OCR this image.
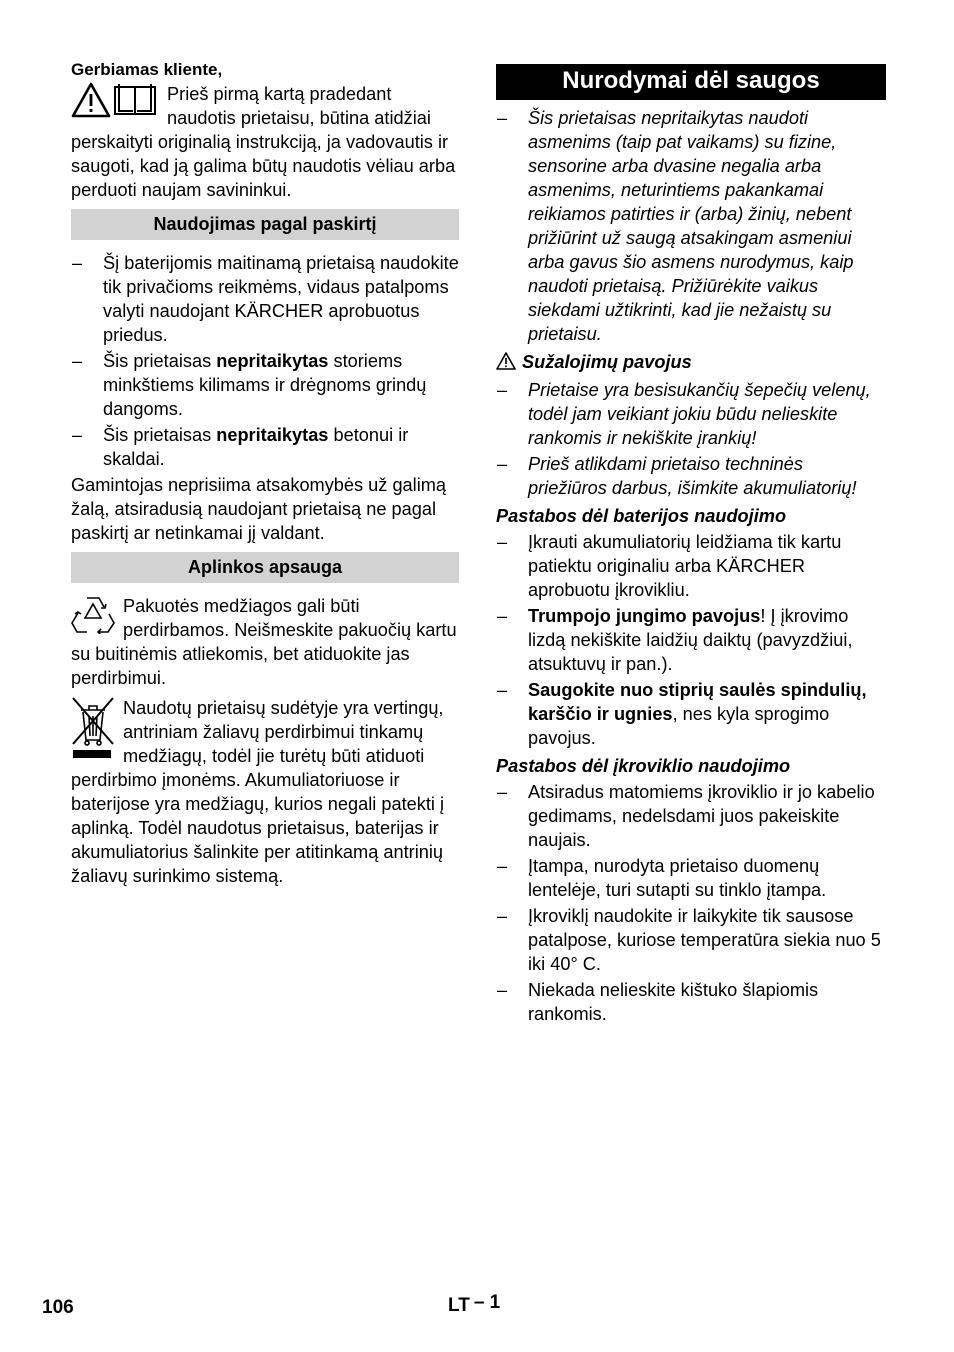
Gerbiamas kliente,

Prieš pirmą kartą pradedant naudotis prietaisu, būtina atidžiai perskaityti originalią instrukciją, ja vadovautis ir saugoti, kad ją galima būtų naudotis vėliau arba perduoti naujam savininkui.

Naudojimas pagal paskirtį
– Šį baterijomis maitinamą prietaisą naudokite tik privačioms reikmėms, vidaus patalpoms valyti naudojant KÄRCHER aprobuotus priedus.
– Šis prietaisas nepritaikytas storiems minkštiems kilimams ir drėgnoms grindų dangoms.
– Šis prietaisas nepritaikytas betonui ir skaldai.

Gamintojas neprisiima atsakomybės už galimą žalą, atsiradusią naudojant prietaisą ne pagal paskirtį ar netinkamai jį valdant.

Aplinkos apsauga

Pakuotės medžiagos gali būti perdirbamos. Neišmeskite pakuočių kartu su buitinėmis atliekomis, bet atiduokite jas perdirbimui.

Naudotų prietaisų sudėtyje yra vertingų, antriniam žaliavų perdirbimui tinkamų medžiagų, todėl jie turėtų būti atiduoti perdirbimo įmonėms. Akumuliatoriuose ir baterijose yra medžiagų, kurios negali patekti į aplinką. Todėl naudotus prietaisus, baterijas ir akumuliatorius šalinkite per atitinkamą antrinių žaliavų surinkimo sistemą.

Nurodymai dėl saugos
– Šis prietaisas nepritaikytas naudoti asmenims (taip pat vaikams) su fizine, sensorine arba dvasine negalia arba asmenims, neturintiems pakankamai reikiamos patirties ir (arba) žinių, nebent prižiūrint už saugą atsakingam asmeniui arba gavus šio asmens nurodymus, kaip naudoti prietaisą. Prižiūrėkite vaikus siekdami užtikrinti, kad jie nežaistų su prietaisu.
Sužalojimų pavojus
– Prietaise yra besisukančių šepečių velenų, todėl jam veikiant jokiu būdu nelieskite rankomis ir nekiškite įrankių!
– Prieš atlikdami prietaiso techninės priežiūros darbus, išimkite akumuliatorių!
Pastabos dėl baterijos naudojimo
– Įkrauti akumuliatorių leidžiama tik kartu patiektu originaliu arba KÄRCHER aprobuotu įkrovikliu.
– Trumpojo jungimo pavojus! Į įkrovimo lizdą nekiškite laidžių daiktų (pavyzdžiui, atsuktuvų ir pan.).
– Saugokite nuo stiprių saulės spindulių, karščio ir ugnies, nes kyla sprogimo pavojus.
Pastabos dėl įkroviklio naudojimo
– Atsiradus matomiems įkroviklio ir jo kabelio gedimams, nedelsdami juos pakeiskite naujais.
– Įtampa, nurodyta prietaiso duomenų lentelėje, turi sutapti su tinklo įtampa.
– Įkroviklį naudokite ir laikykite tik sausose patalpose, kuriose temperatūra siekia nuo 5 iki 40° C.
– Niekada nelieskite kištuko šlapiomis rankomis.
106	LT – 1
